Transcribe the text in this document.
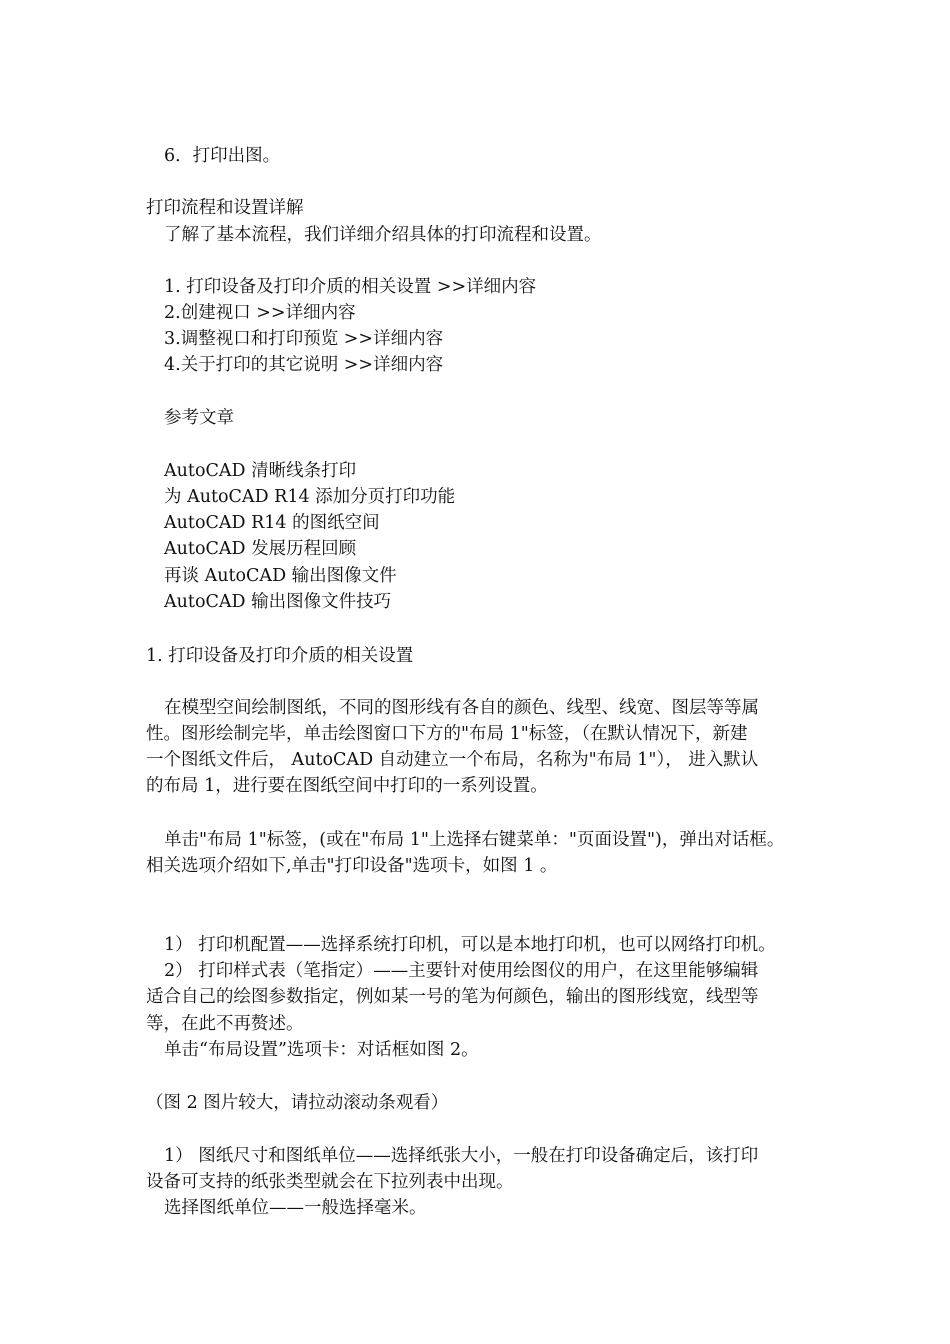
6．打印出图。
打印流程和设置详解
了解了基本流程，我们详细介绍具体的打印流程和设置。
1. 打印设备及打印介质的相关设置 >>详细内容
2.创建视口 >>详细内容
3.调整视口和打印预览 >>详细内容
4.关于打印的其它说明 >>详细内容
参考文章
AutoCAD 清晰线条打印
为 AutoCAD R14 添加分页打印功能
AutoCAD R14 的图纸空间
AutoCAD 发展历程回顾
再谈 AutoCAD 输出图像文件
AutoCAD 输出图像文件技巧
1. 打印设备及打印介质的相关设置
在模型空间绘制图纸，不同的图形线有各自的颜色、线型、线宽、图层等等属
性。图形绘制完毕，单击绘图窗口下方的"布局 1"标签，（在默认情况下，新建
一个图纸文件后， AutoCAD 自动建立一个布局，名称为"布局 1"）， 进入默认
的布局 1，进行要在图纸空间中打印的一系列设置。
单击"布局 1"标签，(或在"布局 1"上选择右键菜单："页面设置")，弹出对话框。
相关选项介绍如下,单击"打印设备"选项卡，如图 1 。
1） 打印机配置——选择系统打印机，可以是本地打印机，也可以网络打印机。
2） 打印样式表（笔指定）——主要针对使用绘图仪的用户，在这里能够编辑
适合自己的绘图参数指定，例如某一号的笔为何颜色，输出的图形线宽，线型等
等，在此不再赘述。
单击“布局设置”选项卡：对话框如图 2。
（图 2 图片较大，请拉动滚动条观看）
1） 图纸尺寸和图纸单位——选择纸张大小，一般在打印设备确定后，该打印
设备可支持的纸张类型就会在下拉列表中出现。
选择图纸单位——一般选择毫米。
